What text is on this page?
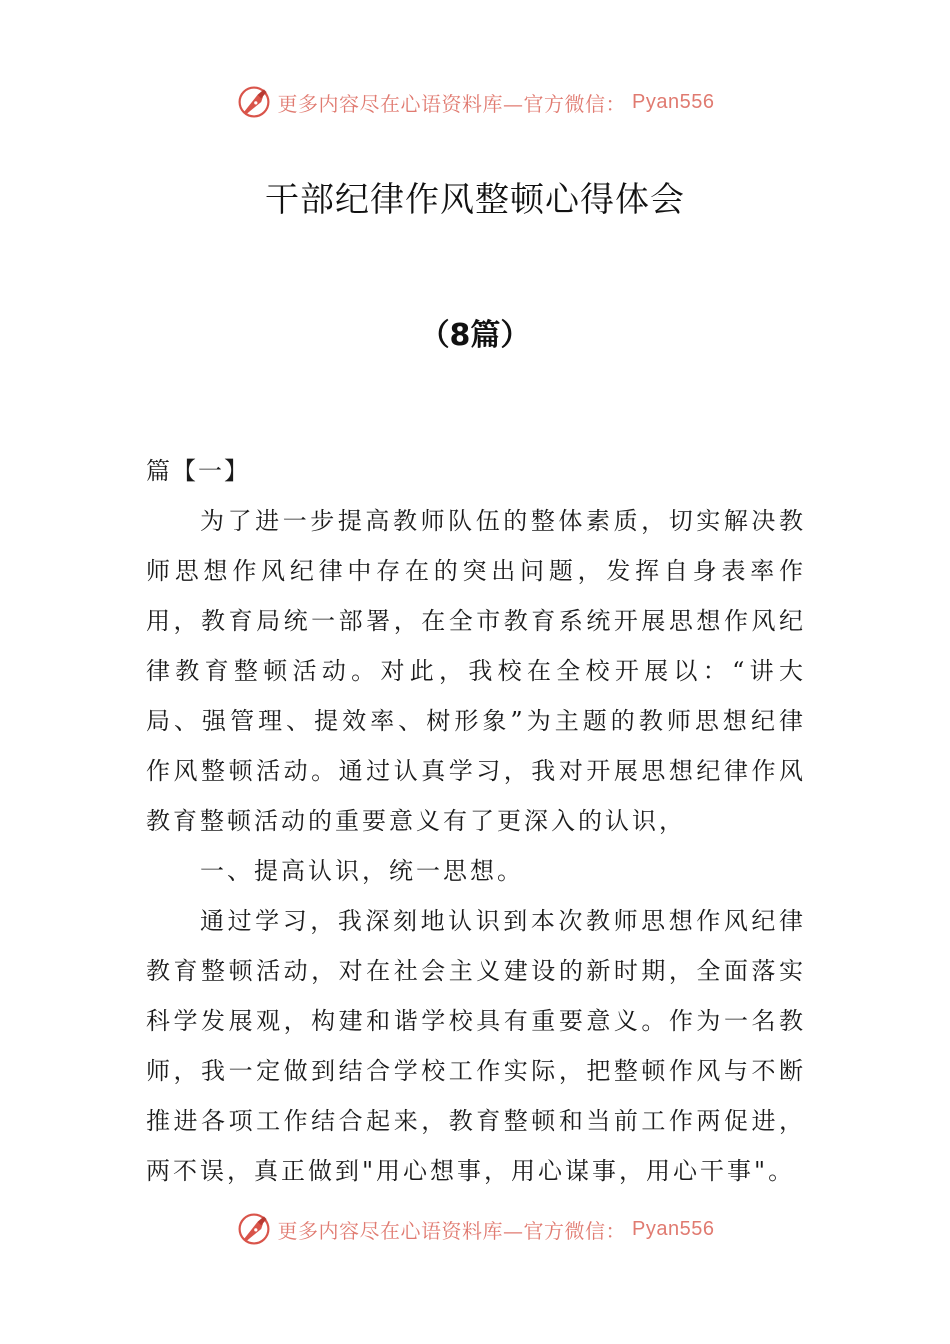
更多内容尽在心语资料库—官方微信： Pyan556
干部纪律作风整顿心得体会
（8篇）

篇【一】

为了进一步提高教师队伍的整体素质，切实解决教师思想作风纪律中存在的突出问题，发挥自身表率作用，教育局统一部署，在全市教育系统开展思想作风纪律教育整顿活动。对此，我校在全校开展以：“讲大局、强管理、提效率、树形象”为主题的教师思想纪律作风整顿活动。通过认真学习，我对开展思想纪律作风教育整顿活动的重要意义有了更深入的认识，

一、提高认识，统一思想。

通过学习，我深刻地认识到本次教师思想作风纪律教育整顿活动，对在社会主义建设的新时期，全面落实科学发展观，构建和谐学校具有重要意义。作为一名教师，我一定做到结合学校工作实际，把整顿作风与不断推进各项工作结合起来，教育整顿和当前工作两促进，两不误，真正做到"用心想事，用心谋事，用心干事"。

更多内容尽在心语资料库—官方微信： Pyan556
